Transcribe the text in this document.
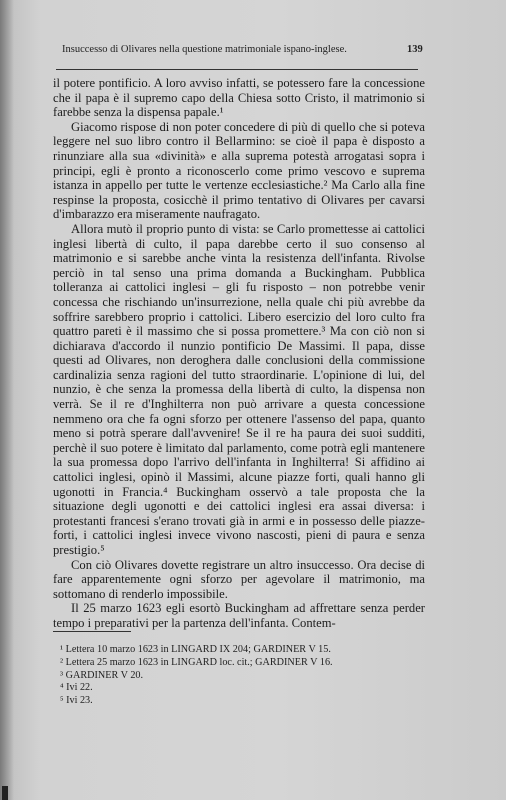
Insuccesso di Olivares nella questione matrimoniale ispano-inglese.	139

il potere pontificio. A loro avviso infatti, se potessero fare la concessione che il papa è il supremo capo della Chiesa sotto Cristo, il matrimonio si farebbe senza la dispensa papale.¹

Giacomo rispose di non poter concedere di più di quello che si poteva leggere nel suo libro contro il Bellarmino: se cioè il papa è disposto a rinunziare alla sua «divinità» e alla suprema potestà arrogatasi sopra i principi, egli è pronto a riconoscerlo come primo vescovo e suprema istanza in appello per tutte le vertenze ecclesiastiche.² Ma Carlo alla fine respinse la proposta, cosicchè il primo tentativo di Olivares per cavarsi d'imbarazzo era miseramente naufragato.

Allora mutò il proprio punto di vista: se Carlo promettesse ai cattolici inglesi libertà di culto, il papa darebbe certo il suo consenso al matrimonio e si sarebbe anche vinta la resistenza dell'infanta. Rivolse perciò in tal senso una prima domanda a Buckingham. Pubblica tolleranza ai cattolici inglesi – gli fu risposto – non potrebbe venir concessa che rischiando un'insurrezione, nella quale chi più avrebbe da soffrire sarebbero proprio i cattolici. Libero esercizio del loro culto fra quattro pareti è il massimo che si possa promettere.³ Ma con ciò non si dichiarava d'accordo il nunzio pontificio De Massimi. Il papa, disse questi ad Olivares, non deroghera dalle conclusioni della commissione cardinalizia senza ragioni del tutto straordinarie. L'opinione di lui, del nunzio, è che senza la promessa della libertà di culto, la dispensa non verrà. Se il re d'Inghilterra non può arrivare a questa concessione nemmeno ora che fa ogni sforzo per ottenere l'assenso del papa, quanto meno si potrà sperare dall'avvenire! Se il re ha paura dei suoi sudditi, perchè il suo potere è limitato dal parlamento, come potrà egli mantenere la sua promessa dopo l'arrivo dell'infanta in Inghilterra! Si affidino ai cattolici inglesi, opinò il Massimi, alcune piazze forti, quali hanno gli ugonotti in Francia.⁴ Buckingham osservò a tale proposta che la situazione degli ugonotti e dei cattolici inglesi era assai diversa: i protestanti francesi s'erano trovati già in armi e in possesso delle piazze-forti, i cattolici inglesi invece vivono nascosti, pieni di paura e senza prestigio.⁵

Con ciò Olivares dovette registrare un altro insuccesso. Ora decise di fare apparentemente ogni sforzo per agevolare il matrimonio, ma sottomano di renderlo impossibile.

Il 25 marzo 1623 egli esortò Buckingham ad affrettare senza perder tempo i preparativi per la partenza dell'infanta. Contem-

¹ Lettera 10 marzo 1623 in LINGARD IX 204; GARDINER V 15.
² Lettera 25 marzo 1623 in LINGARD loc. cit.; GARDINER V 16.
³ GARDINER V 20.
⁴ Ivi 22.
⁵ Ivi 23.
